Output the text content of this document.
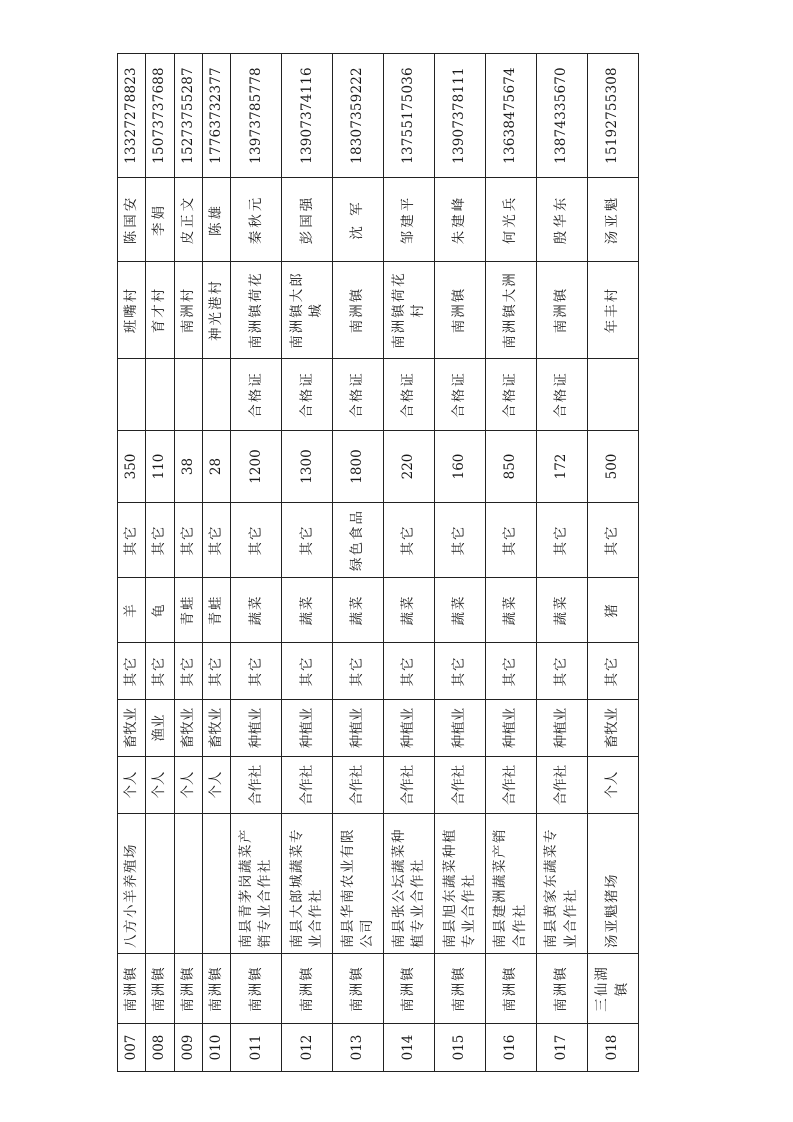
007	南洲镇	八方小羊养殖场	个人	畜牧业	其它	羊	其它	350		班嘴村	陈国安	13327278823
008	南洲镇		个人	渔业	其它	龟	其它	110		育才村	李娟	15073737688
009	南洲镇		个人	畜牧业	其它	青蛙	其它	38		南洲村	皮正文	15273755287
010	南洲镇		个人	畜牧业	其它	青蛙	其它	28		神光港村	陈雄	17763732377
011	南洲镇	南县青茅岗蔬菜产销专业合作社	合作社	种植业	其它	蔬菜	其它	1200	合格证	南洲镇荷花	秦秋元	13973785778
012	南洲镇	南县大郎城蔬菜专业合作社	合作社	种植业	其它	蔬菜	其它	1300	合格证	南洲镇大郎城	彭国强	13907374116
013	南洲镇	南县华南农业有限公司	合作社	种植业	其它	蔬菜	绿色食品	1800	合格证	南洲镇	沈 军	18307359222
014	南洲镇	南县张公坛蔬菜种植专业合作社	合作社	种植业	其它	蔬菜	其它	220	合格证	南洲镇荷花村	邹建平	13755175036
015	南洲镇	南县旭东蔬菜种植专业合作社	合作社	种植业	其它	蔬菜	其它	160	合格证	南洲镇	朱建峰	13907378111
016	南洲镇	南县建洲蔬菜产销合作社	合作社	种植业	其它	蔬菜	其它	850	合格证	南洲镇大洲	何光兵	13638475674
017	南洲镇	南县黄家东蔬菜专业合作社	合作社	种植业	其它	蔬菜	其它	172	合格证	南洲镇	殷华东	13874335670
018	三仙湖镇	汤亚魁猪场	个人	畜牧业	其它	猪	其它	500		年丰村	汤亚魁	15192755308
